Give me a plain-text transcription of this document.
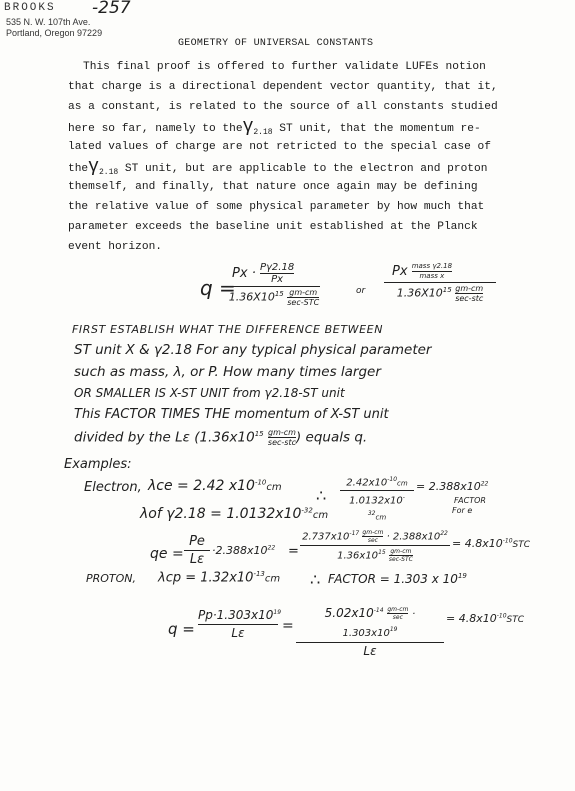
BROOKS -257
535 N. W. 107th Ave.
Portland, Oregon 97229
GEOMETRY OF UNIVERSAL CONSTANTS
This final proof is offered to further validate LUFEs notion
that charge is a directional dependent vector quantity, that it,
as a constant, is related to the source of all constants studied
here so far, namely to theγ$_{2.18}$ ST unit, that the momentum re-
lated values of charge are not retricted to the special case of
theγ$_{2.18}$ ST unit, but are applicable to the electron and proton
themself, and finally, that nature once again may be defining
the relative value of some physical parameter by how much that
parameter exceeds the baseline unit established at the Planck
event horizon.
q =
$Px \cdot \frac{P\gamma 2.18}{Px}$
$1.36X10^{15}$ gm-cm
sec-STC
or
Px mass γ2.18
mass x
$1.36X10^{15}$ gm-cm
sec-stc
FIRST ESTABLISH WHAT THE DIFFERENCE BETWEEN
ST unit X & γ2.18 For any typical physical parameter
such as mass, λ, or P. How many times larger
OR SMALLER IS X-ST UNIT from γ2.18-ST unit
This FACTOR TIMES THE momentum of X-ST unit
divided by the Lε ($1.36x10^{15}$ gm-cm
sec-stc ) equals q.
Examples:
Electron, λce = 2.42 $x10^{-10}cm$ ∴
$2.42x10^{-10}cm$
$1.0132x10^{-32}cm$
= $2.388x10^{22}$
FACTOR
For e
λof $\gamma 2.18 = 1.0132x10^{-32}cm$
qe =
Pe
Lε
$\cdot 2.388x10^{22}$ =
$2.737x10^{-17}$ gm-cm
$\sec \cdot 2.388x10^{22}$
$1.36x10^{15}$ gm-cm
sec-STC
= $4.8x10^{-10}STC$
PROTON, $\lambda cp = 1.32x10^{-13}cm$ ∴ FACTOR = 1.303 x $10^{19}$
q =
$Pp\cdot 1.303x10^{19}$
Lε	=
$5.02x10^{-14}$ gm-cm
$\sec \cdot 1.303x10^{19}$
Lε
= $4.8x10^{-10}STC$
